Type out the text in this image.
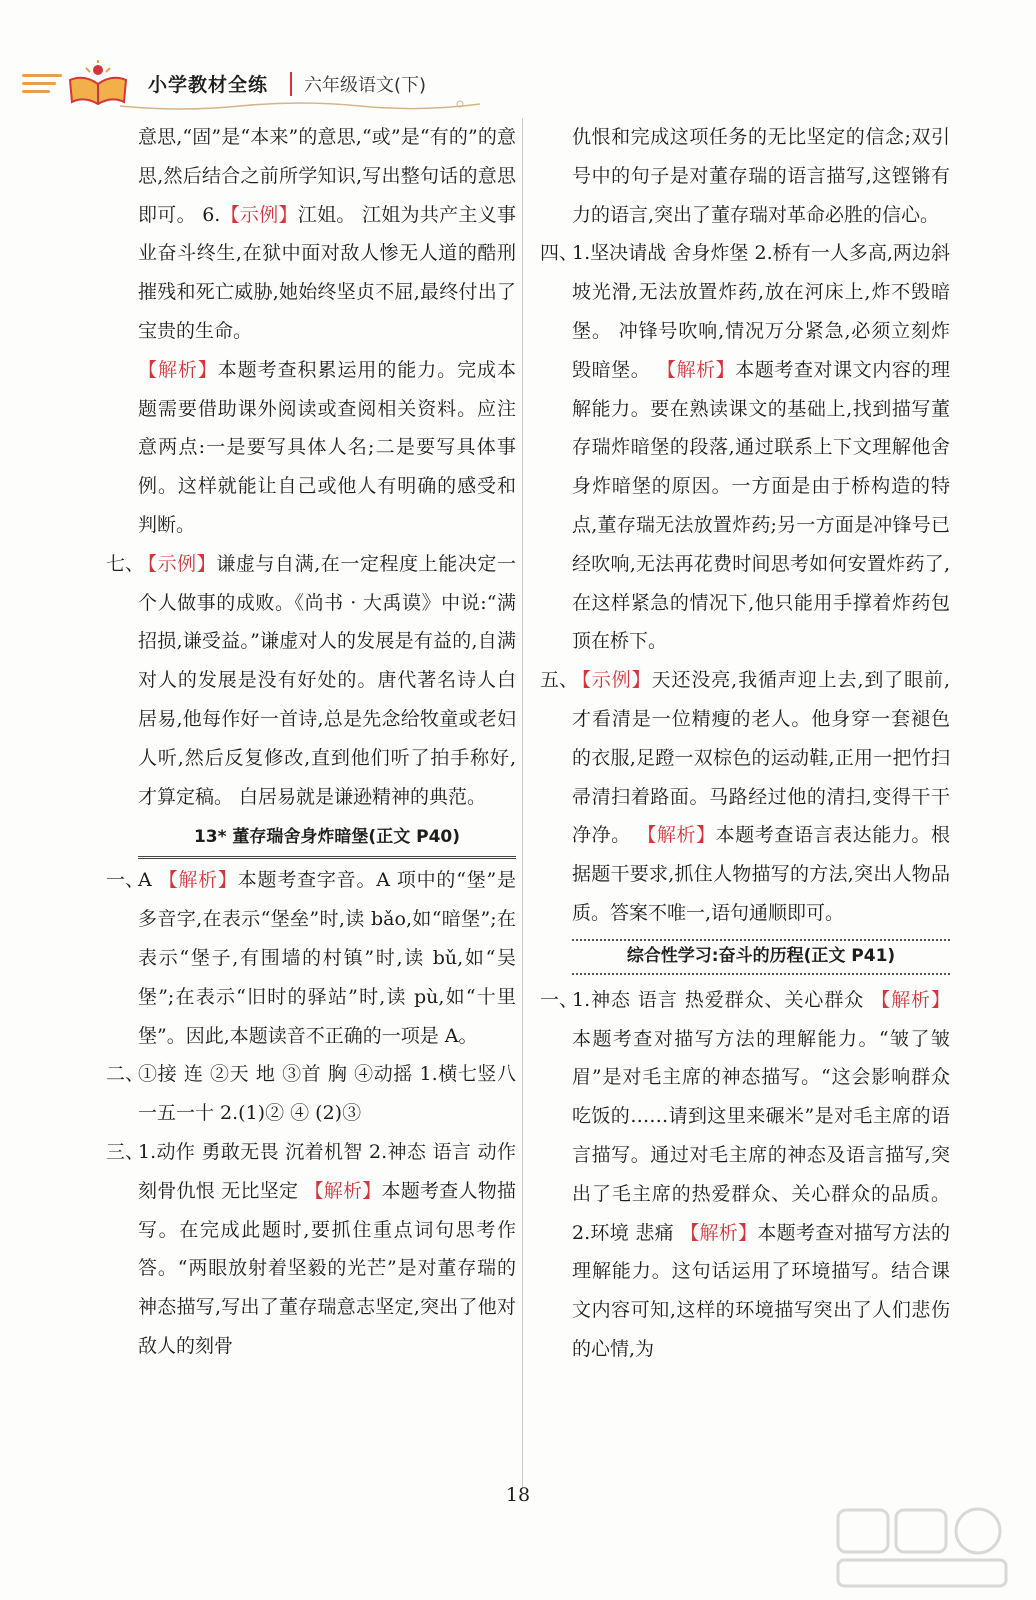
小学教材全练 六年级语文(下)

意思,“固”是“本来”的意思,“或”是“有的”的意思,然后结合之前所学知识,写出整句话的意思即可。 6.【示例】江姐。 江姐为共产主义事业奋斗终生,在狱中面对敌人惨无人道的酷刑摧残和死亡威胁,她始终坚贞不屈,最终付出了宝贵的生命。

【解析】本题考查积累运用的能力。完成本题需要借助课外阅读或查阅相关资料。应注意两点:一是要写具体人名;二是要写具体事例。这样就能让自己或他人有明确的感受和判断。

七、
【示例】谦虚与自满,在一定程度上能决定一个人做事的成败。《尚书 · 大禹谟》中说:“满招损,谦受益。”谦虚对人的发展是有益的,自满对人的发展是没有好处的。唐代著名诗人白居易,他每作好一首诗,总是先念给牧童或老妇人听,然后反复修改,直到他们听了拍手称好,才算定稿。 白居易就是谦逊精神的典范。

13* 董存瑞舍身炸暗堡(正文 P40)

一、
A 【解析】本题考查字音。A 项中的“堡”是多音字,在表示“堡垒”时,读 bǎo,如“暗堡”;在表示“堡子,有围墙的村镇”时,读 bǔ,如“吴堡”;在表示“旧时的驿站”时,读 pù,如“十里堡”。因此,本题读音不正确的一项是 A。

二、
①接 连 ②天 地 ③首 胸 ④动摇 1.横七竖八 一五一十 2.(1)② ④ (2)③

三、
1.动作 勇敢无畏 沉着机智 2.神态 语言 动作 刻骨仇恨 无比坚定 【解析】本题考查人物描写。在完成此题时,要抓住重点词句思考作答。“两眼放射着坚毅的光芒”是对董存瑞的神态描写,写出了董存瑞意志坚定,突出了他对敌人的刻骨

仇恨和完成这项任务的无比坚定的信念;双引号中的句子是对董存瑞的语言描写,这铿锵有力的语言,突出了董存瑞对革命必胜的信心。

四、
1.坚决请战 舍身炸堡 2.桥有一人多高,两边斜坡光滑,无法放置炸药,放在河床上,炸不毁暗堡。 冲锋号吹响,情况万分紧急,必须立刻炸毁暗堡。 【解析】本题考查对课文内容的理解能力。要在熟读课文的基础上,找到描写董存瑞炸暗堡的段落,通过联系上下文理解他舍身炸暗堡的原因。一方面是由于桥构造的特点,董存瑞无法放置炸药;另一方面是冲锋号已经吹响,无法再花费时间思考如何安置炸药了,在这样紧急的情况下,他只能用手撑着炸药包顶在桥下。

五、
【示例】天还没亮,我循声迎上去,到了眼前,才看清是一位精瘦的老人。他身穿一套褪色的衣服,足蹬一双棕色的运动鞋,正用一把竹扫帚清扫着路面。马路经过他的清扫,变得干干净净。 【解析】本题考查语言表达能力。根据题干要求,抓住人物描写的方法,突出人物品质。答案不唯一,语句通顺即可。

综合性学习:奋斗的历程(正文 P41)

一、
1.神态 语言 热爱群众、关心群众 【解析】本题考查对描写方法的理解能力。“皱了皱眉”是对毛主席的神态描写。“这会影响群众吃饭的……请到这里来碾米”是对毛主席的语言描写。通过对毛主席的神态及语言描写,突出了毛主席的热爱群众、关心群众的品质。 2.环境 悲痛 【解析】本题考查对描写方法的理解能力。这句话运用了环境描写。结合课文内容可知,这样的环境描写突出了人们悲伤的心情,为

18
